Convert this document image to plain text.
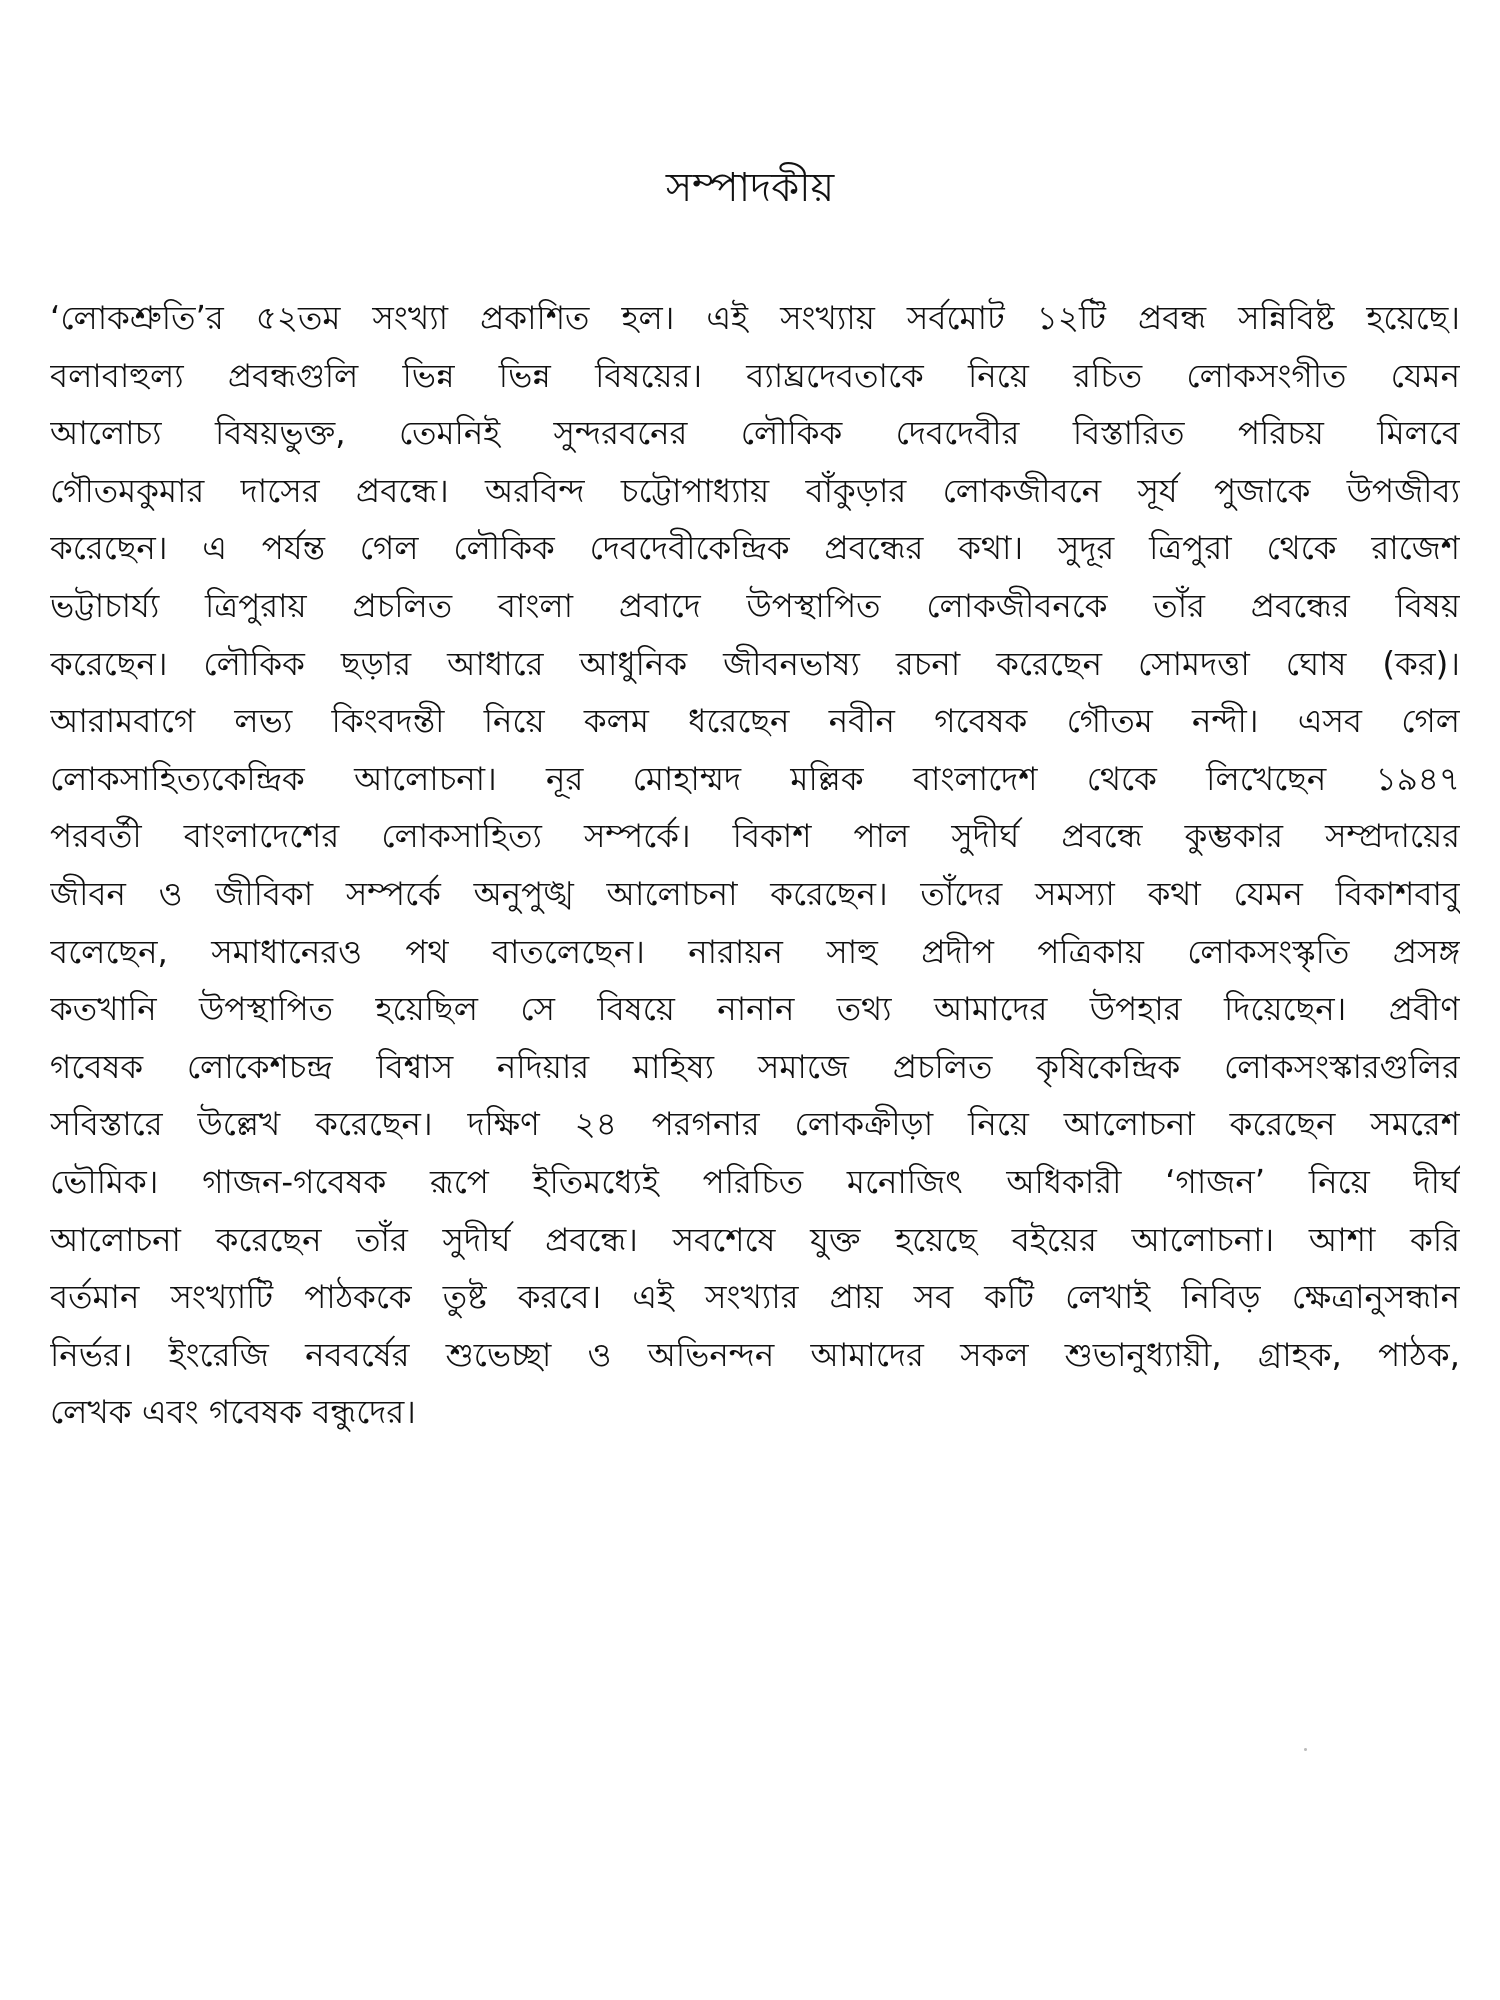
সম্পাদকীয়
‘লোকশ্রুতি’র ৫২তম সংখ্যা প্রকাশিত হল। এই সংখ্যায় সর্বমোট ১২টি প্রবন্ধ সন্নিবিষ্ট হয়েছে।
বলাবাহুল্য প্রবন্ধগুলি ভিন্ন ভিন্ন বিষয়ের। ব্যাঘ্রদেবতাকে নিয়ে রচিত লোকসংগীত যেমন
আলোচ্য বিষয়ভুক্ত, তেমনিই সুন্দরবনের লৌকিক দেবদেবীর বিস্তারিত পরিচয় মিলবে
গৌতমকুমার দাসের প্রবন্ধে। অরবিন্দ চট্টোপাধ্যায় বাঁকুড়ার লোকজীবনে সূর্য পুজাকে উপজীব্য
করেছেন। এ পর্যন্ত গেল লৌকিক দেবদেবীকেন্দ্রিক প্রবন্ধের কথা। সুদূর ত্রিপুরা থেকে রাজেশ
ভট্টাচার্য্য ত্রিপুরায় প্রচলিত বাংলা প্রবাদে উপস্থাপিত লোকজীবনকে তাঁর প্রবন্ধের বিষয়
করেছেন। লৌকিক ছড়ার আধারে আধুনিক জীবনভাষ্য রচনা করেছেন সোমদত্তা ঘোষ (কর)।
আরামবাগে লভ্য কিংবদন্তী নিয়ে কলম ধরেছেন নবীন গবেষক গৌতম নন্দী। এসব গেল
লোকসাহিত্যকেন্দ্রিক আলোচনা। নূর মোহাম্মদ মল্লিক বাংলাদেশ থেকে লিখেছেন ১৯৪৭
পরবর্তী বাংলাদেশের লোকসাহিত্য সম্পর্কে। বিকাশ পাল সুদীর্ঘ প্রবন্ধে কুম্ভকার সম্প্রদায়ের
জীবন ও জীবিকা সম্পর্কে অনুপুঙ্খ আলোচনা করেছেন। তাঁদের সমস্যা কথা যেমন বিকাশবাবু
বলেছেন, সমাধানেরও পথ বাতলেছেন। নারায়ন সাহু প্রদীপ পত্রিকায় লোকসংস্কৃতি প্রসঙ্গ
কতখানি উপস্থাপিত হয়েছিল সে বিষয়ে নানান তথ্য আমাদের উপহার দিয়েছেন। প্রবীণ
গবেষক লোকেশচন্দ্র বিশ্বাস নদিয়ার মাহিষ্য সমাজে প্রচলিত কৃষিকেন্দ্রিক লোকসংস্কারগুলির
সবিস্তারে উল্লেখ করেছেন। দক্ষিণ ২৪ পরগনার লোকক্রীড়া নিয়ে আলোচনা করেছেন সমরেশ
ভৌমিক। গাজন-গবেষক রূপে ইতিমধ্যেই পরিচিত মনোজিৎ অধিকারী ‘গাজন’ নিয়ে দীর্ঘ
আলোচনা করেছেন তাঁর সুদীর্ঘ প্রবন্ধে। সবশেষে যুক্ত হয়েছে বইয়ের আলোচনা। আশা করি
বর্তমান সংখ্যাটি পাঠককে তুষ্ট করবে। এই সংখ্যার প্রায় সব কটি লেখাই নিবিড় ক্ষেত্রানুসন্ধান
নির্ভর। ইংরেজি নববর্ষের শুভেচ্ছা ও অভিনন্দন আমাদের সকল শুভানুধ্যায়ী, গ্রাহক, পাঠক,
লেখক এবং গবেষক বন্ধুদের।
